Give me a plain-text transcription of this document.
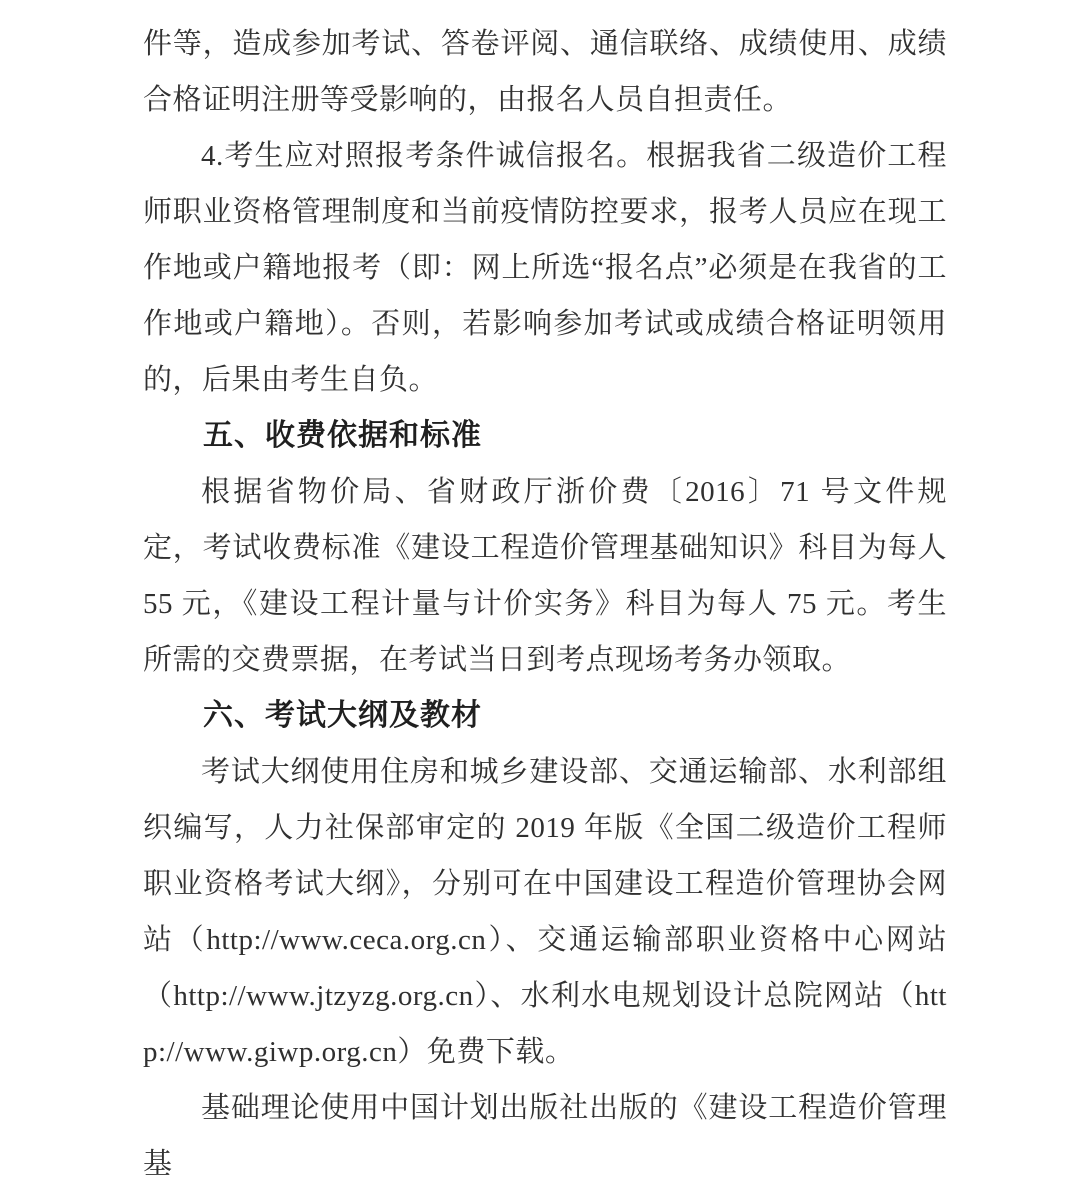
件等，造成参加考试、答卷评阅、通信联络、成绩使用、成绩合格证明注册等受影响的，由报名人员自担责任。

4.考生应对照报考条件诚信报名。根据我省二级造价工程师职业资格管理制度和当前疫情防控要求，报考人员应在现工作地或户籍地报考（即：网上所选“报名点”必须是在我省的工作地或户籍地）。否则，若影响参加考试或成绩合格证明领用的，后果由考生自负。

五、收费依据和标准

根据省物价局、省财政厅浙价费〔2016〕71 号文件规定，考试收费标准《建设工程造价管理基础知识》科目为每人 55 元，《建设工程计量与计价实务》科目为每人 75 元。考生所需的交费票据，在考试当日到考点现场考务办领取。

六、考试大纲及教材

考试大纲使用住房和城乡建设部、交通运输部、水利部组织编写，人力社保部审定的 2019 年版《全国二级造价工程师职业资格考试大纲》，分别可在中国建设工程造价管理协会网站（http://www.ceca.org.cn）、交通运输部职业资格中心网站（http://www.jtzyzg.org.cn）、水利水电规划设计总院网站（http://www.giwp.org.cn）免费下载。

基础理论使用中国计划出版社出版的《建设工程造价管理基
